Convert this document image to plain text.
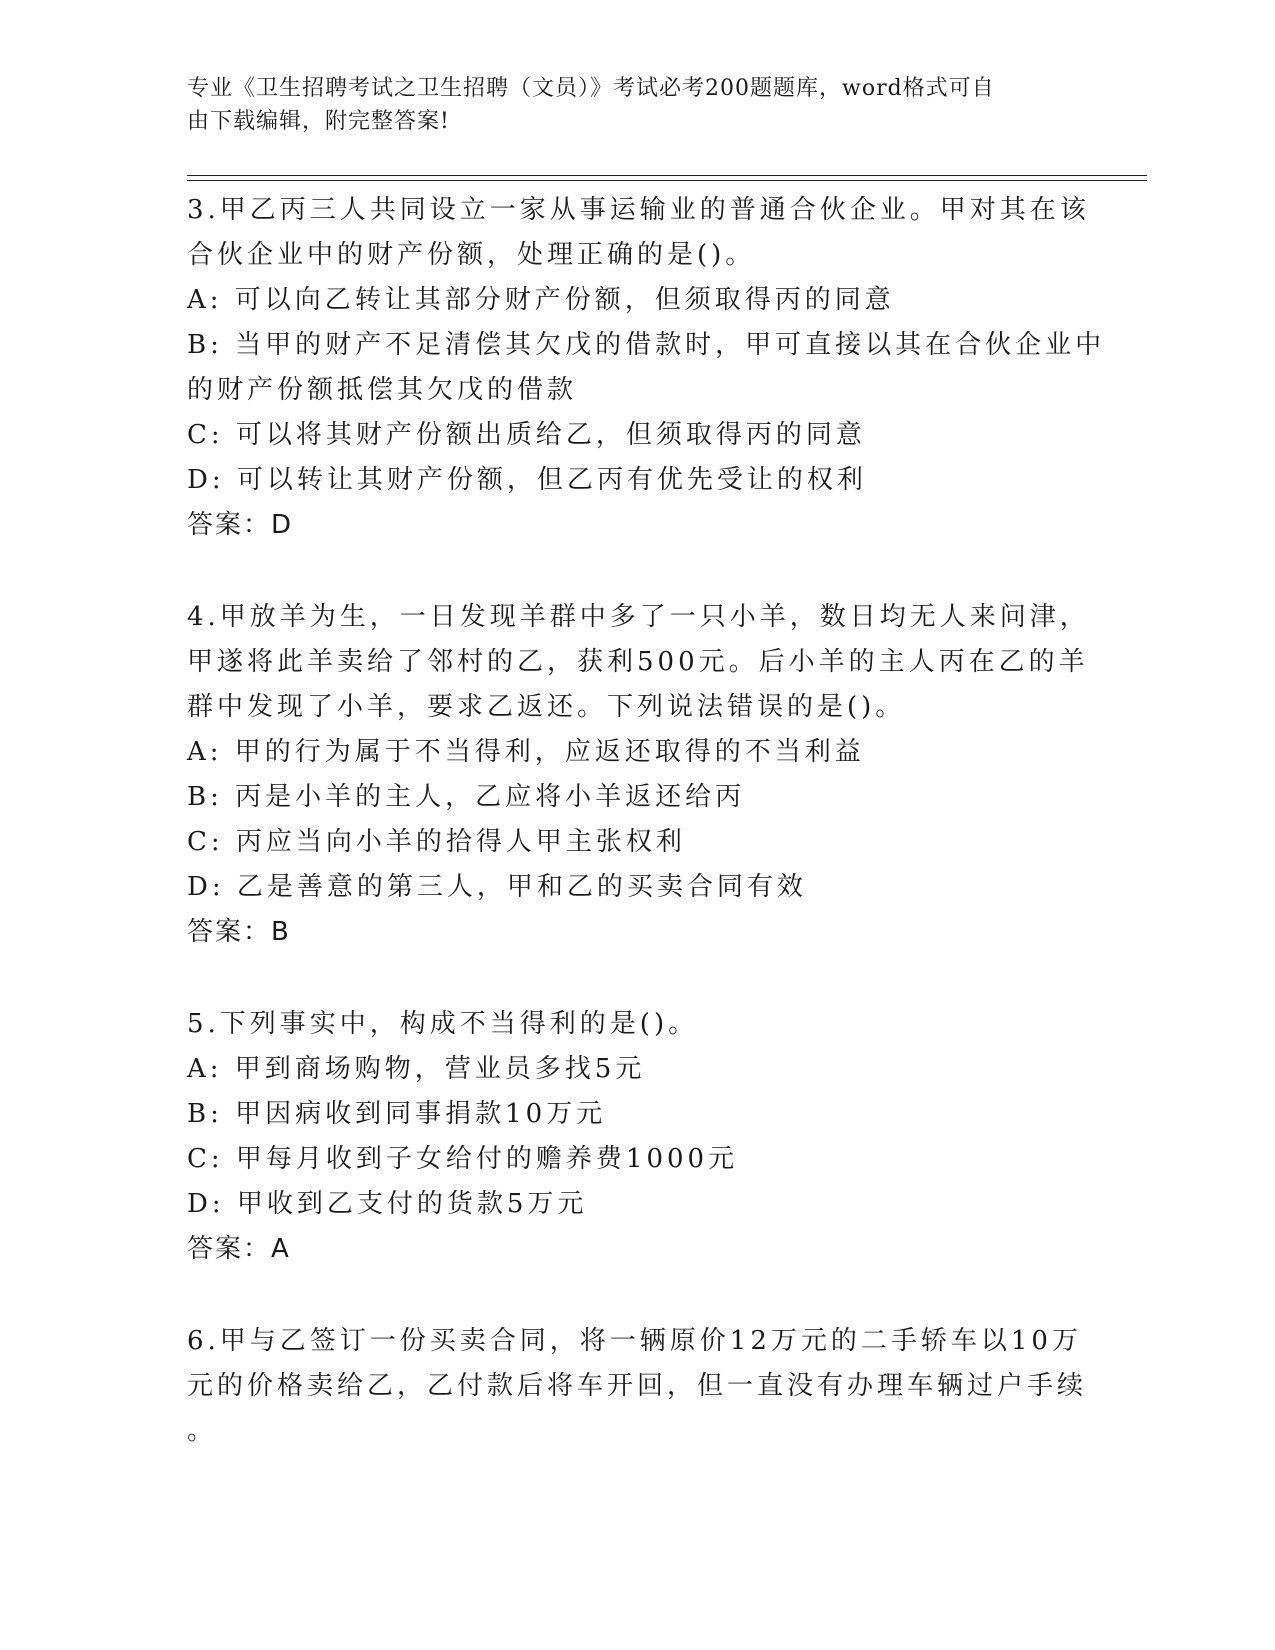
专业《卫生招聘考试之卫生招聘（文员）》考试必考200题题库，word格式可自
由下载编辑，附完整答案!
3.甲乙丙三人共同设立一家从事运输业的普通合伙企业。甲对其在该
合伙企业中的财产份额，处理正确的是()。
A: 可以向乙转让其部分财产份额，但须取得丙的同意
B: 当甲的财产不足清偿其欠戊的借款时，甲可直接以其在合伙企业中
的财产份额抵偿其欠戊的借款
C: 可以将其财产份额出质给乙，但须取得丙的同意
D: 可以转让其财产份额，但乙丙有优先受让的权利
答案：D
4.甲放羊为生，一日发现羊群中多了一只小羊，数日均无人来问津，
甲遂将此羊卖给了邻村的乙，获利500元。后小羊的主人丙在乙的羊
群中发现了小羊，要求乙返还。下列说法错误的是()。
A: 甲的行为属于不当得利，应返还取得的不当利益
B: 丙是小羊的主人，乙应将小羊返还给丙
C: 丙应当向小羊的拾得人甲主张权利
D: 乙是善意的第三人，甲和乙的买卖合同有效
答案：B
5.下列事实中，构成不当得利的是()。
A: 甲到商场购物，营业员多找5元
B: 甲因病收到同事捐款10万元
C: 甲每月收到子女给付的赡养费1000元
D: 甲收到乙支付的货款5万元
答案：A
6.甲与乙签订一份买卖合同，将一辆原价12万元的二手轿车以10万
元的价格卖给乙，乙付款后将车开回，但一直没有办理车辆过户手续
。
